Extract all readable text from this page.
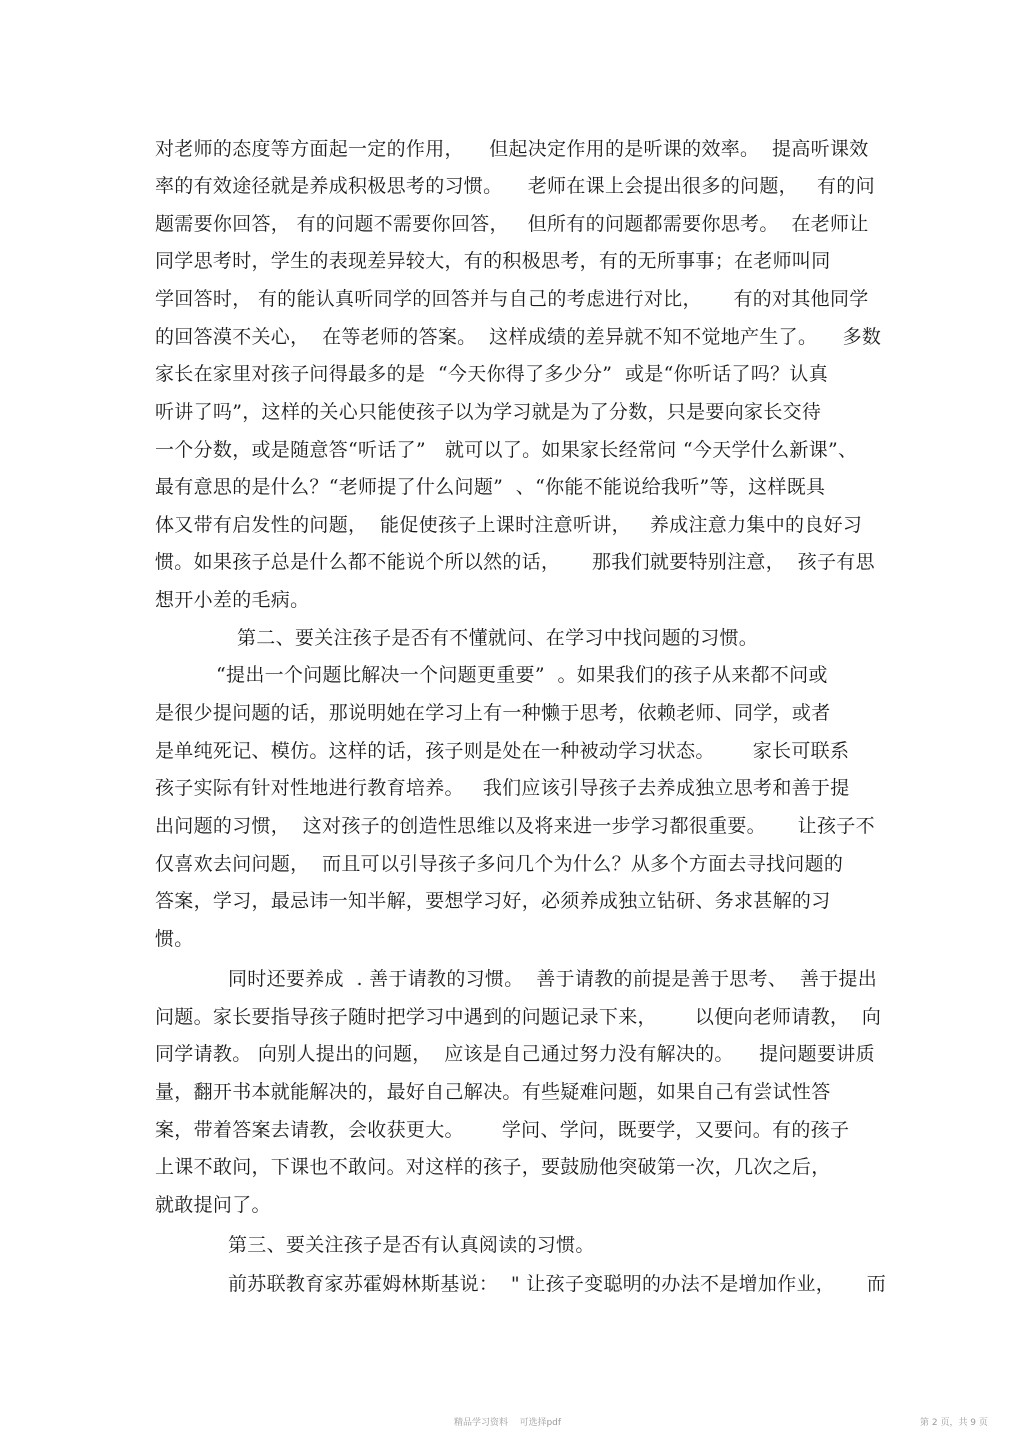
对老师的态度等方面起一定的作用，    但起决定作用的是听课的效率。  提高听课效
率的有效途径就是养成积极思考的习惯。    老师在课上会提出很多的问题，   有的问
题需要你回答， 有的问题不需要你回答，   但所有的问题都需要你思考。  在老师让
同学思考时，学生的表现差异较大，有的积极思考，有的无所事事；在老师叫同
学回答时， 有的能认真听同学的回答并与自己的考虑进行对比，     有的对其他同学
的回答漠不关心，  在等老师的答案。  这样成绩的差异就不知不觉地产生了。    多数
家长在家里对孩子问得最多的是  “今天你得了多少分”  或是“你听话了吗？认真
听讲了吗”，这样的关心只能使孩子以为学习就是为了分数，只是要向家长交待
一个分数，或是随意答“听话了”   就可以了。如果家长经常问 “今天学什么新课”、
最有意思的是什么？“老师提了什么问题”  、“你能不能说给我听”等，这样既具
体又带有启发性的问题，  能促使孩子上课时注意听讲，   养成注意力集中的良好习
惯。如果孩子总是什么都不能说个所以然的话，     那我们就要特别注意，  孩子有思
想开小差的毛病。
第二、要关注孩子是否有不懂就问、在学习中找问题的习惯。
“提出一个问题比解决一个问题更重要”  。如果我们的孩子从来都不问或
是很少提问题的话，那说明她在学习上有一种懒于思考，依赖老师、同学，或者
是单纯死记、模仿。这样的话，孩子则是处在一种被动学习状态。      家长可联系
孩子实际有针对性地进行教育培养。   我们应该引导孩子去养成独立思考和善于提
出问题的习惯，  这对孩子的创造性思维以及将来进一步学习都很重要。     让孩子不
仅喜欢去问问题，  而且可以引导孩子多问几个为什么？从多个方面去寻找问题的
答案，学习，最忌讳一知半解，要想学习好，必须养成独立钻研、务求甚解的习
惯。
同时还要养成  . 善于请教的习惯。  善于请教的前提是善于思考、  善于提出
问题。家长要指导孩子随时把学习中遇到的问题记录下来，      以便向老师请教，  向
同学请教。 向别人提出的问题，  应该是自己通过努力没有解决的。    提问题要讲质
量，翻开书本就能解决的，最好自己解决。有些疑难问题，如果自己有尝试性答
案，带着答案去请教，会收获更大。      学问、学问，既要学，又要问。有的孩子
上课不敢问，下课也不敢问。对这样的孩子，要鼓励他突破第一次，几次之后，
就敢提问了。
第三、要关注孩子是否有认真阅读的习惯。
前苏联教育家苏霍姆林斯基说：  " 让孩子变聪明的办法不是增加作业，     而
精品学习资料    可选择pdf	第 2 页，共 9 页
